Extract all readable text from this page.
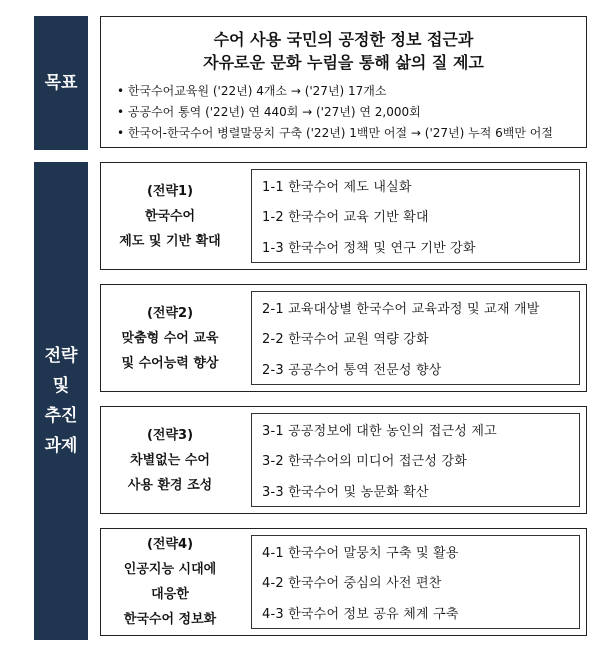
목표
수어 사용 국민의 공정한 정보 접근과
자유로운 문화 누림을 통해 삶의 질 제고
• 한국수어교육원 ('22년) 4개소 → ('27년) 17개소
• 공공수어 통역 ('22년) 연 440회 → ('27년) 연 2,000회
• 한국어-한국수어 병렬말뭉치 구축 ('22년) 1백만 어절 → ('27년) 누적 6백만 어절
전략
및
추진
과제
(전략1)
한국수어
제도 및 기반 확대
1-1 한국수어 제도 내실화
1-2 한국수어 교육 기반 확대
1-3 한국수어 정책 및 연구 기반 강화
(전략2)
맞춤형 수어 교육
및 수어능력 향상
2-1 교육대상별 한국수어 교육과정 및 교재 개발
2-2 한국수어 교원 역량 강화
2-3 공공수어 통역 전문성 향상
(전략3)
차별없는 수어
사용 환경 조성
3-1 공공정보에 대한 농인의 접근성 제고
3-2 한국수어의 미디어 접근성 강화
3-3 한국수어 및 농문화 확산
(전략4)
인공지능 시대에
대응한
한국수어 정보화
4-1 한국수어 말뭉치 구축 및 활용
4-2 한국수어 중심의 사전 편찬
4-3 한국수어 정보 공유 체계 구축
